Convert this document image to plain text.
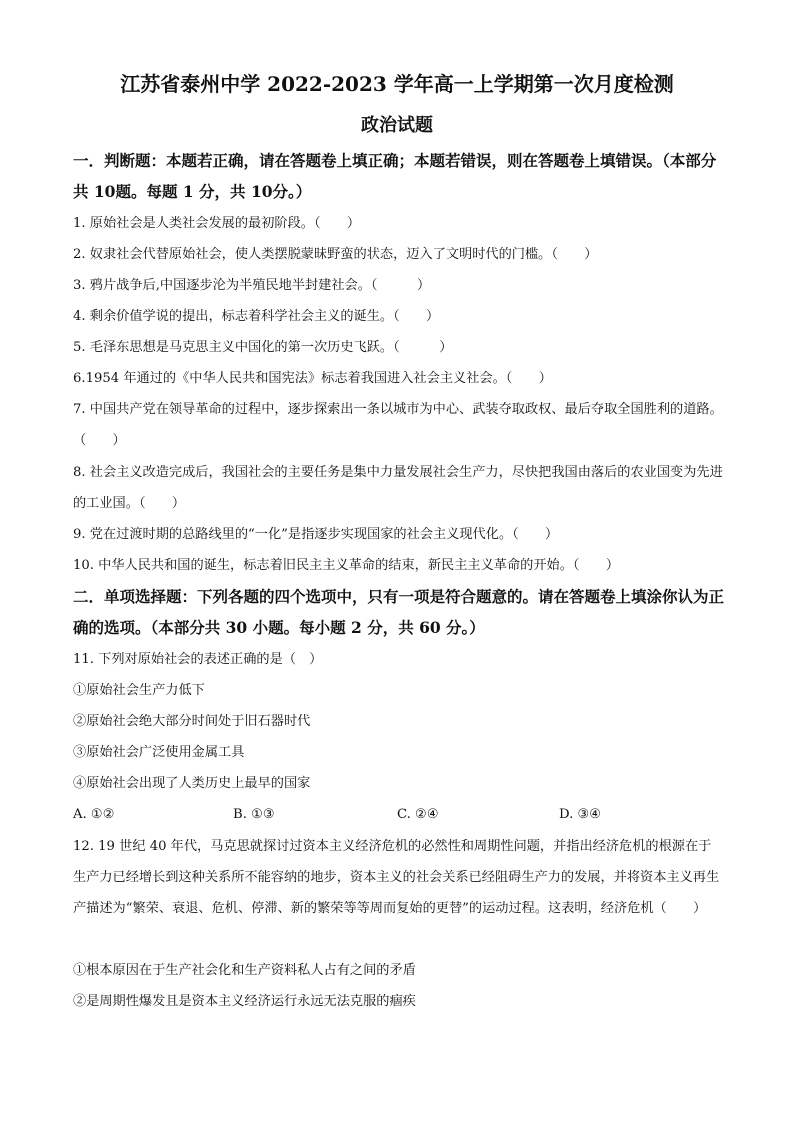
江苏省泰州中学 2022-2023 学年高一上学期第一次月度检测
政治试题

一．判断题：本题若正确，请在答题卷上填正确；本题若错误，则在答题卷上填错误。（本部分共 10题。每题 1 分，共 10分。）

1. 原始社会是人类社会发展的最初阶段。（　　）

2. 奴隶社会代替原始社会，使人类摆脱蒙昧野蛮的状态，迈入了文明时代的门槛。（　　）

3. 鸦片战争后,中国逐步沦为半殖民地半封建社会。（　　　）

4. 剩余价值学说的提出，标志着科学社会主义的诞生。（　　）

5. 毛泽东思想是马克思主义中国化的第一次历史飞跃。（　　　）

6.1954 年通过的《中华人民共和国宪法》标志着我国进入社会主义社会。（　　）

7. 中国共产党在领导革命的过程中，逐步探索出一条以城市为中心、武装夺取政权、最后夺取全国胜利的道路。（　　）

8. 社会主义改造完成后，我国社会的主要任务是集中力量发展社会生产力，尽快把我国由落后的农业国变为先进的工业国。（　　）

9. 党在过渡时期的总路线里的“一化”是指逐步实现国家的社会主义现代化。（　　）

10. 中华人民共和国的诞生，标志着旧民主主义革命的结束，新民主主义革命的开始。（　　）

二．单项选择题：下列各题的四个选项中，只有一项是符合题意的。请在答题卷上填涂你认为正确的选项。（本部分共 30 小题。每小题 2 分，共 60 分。）

11. 下列对原始社会的表述正确的是（　）

①原始社会生产力低下

②原始社会绝大部分时间处于旧石器时代

③原始社会广泛使用金属工具

④原始社会出现了人类历史上最早的国家

A. ①②	B. ①③	C. ②④	D. ③④

12. 19 世纪 40 年代，马克思就探讨过资本主义经济危机的必然性和周期性问题，并指出经济危机的根源在于生产力已经增长到这种关系所不能容纳的地步，资本主义的社会关系已经阻碍生产力的发展，并将资本主义再生产描述为“繁荣、衰退、危机、停滞、新的繁荣等等周而复始的更替”的运动过程。这表明，经济危机（　　）

①根本原因在于生产社会化和生产资料私人占有之间的矛盾

②是周期性爆发且是资本主义经济运行永远无法克服的痼疾
